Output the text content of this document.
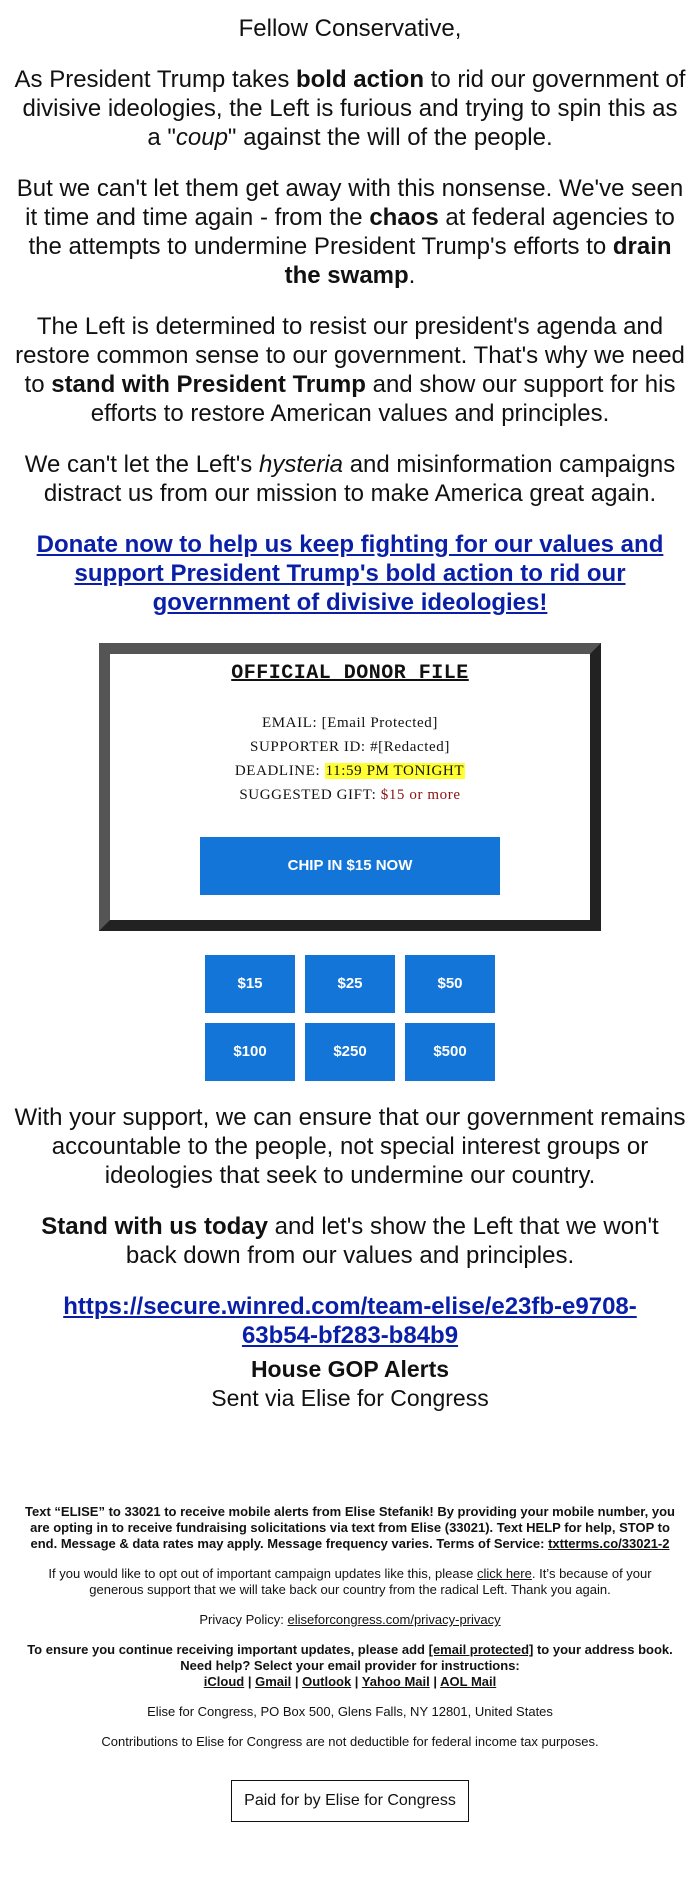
Fellow Conservative,

As President Trump takes bold action to rid our government of divisive ideologies, the Left is furious and trying to spin this as a "coup" against the will of the people.

But we can't let them get away with this nonsense. We've seen it time and time again - from the chaos at federal agencies to the attempts to undermine President Trump's efforts to drain the swamp.

The Left is determined to resist our president's agenda and restore common sense to our government. That's why we need to stand with President Trump and show our support for his efforts to restore American values and principles.

We can't let the Left's hysteria and misinformation campaigns distract us from our mission to make America great again.

Donate now to help us keep fighting for our values and support President Trump's bold action to rid our government of divisive ideologies!
OFFICIAL DONOR FILE
EMAIL: [Email Protected]
SUPPORTER ID: #[Redacted]
DEADLINE: 11:59 PM TONIGHT
SUGGESTED GIFT: $15 or more
CHIP IN $15 NOW
$15	$25	$50
$100	$250	$500

With your support, we can ensure that our government remains accountable to the people, not special interest groups or ideologies that seek to undermine our country.

Stand with us today and let's show the Left that we won't back down from our values and principles.

https://secure.winred.com/team-elise/e23fb-e9708-63b54-bf283-b84b9
House GOP Alerts
Sent via Elise for Congress

Text “ELISE” to 33021 to receive mobile alerts from Elise Stefanik! By providing your mobile number, you are opting in to receive fundraising solicitations via text from Elise (33021). Text HELP for help, STOP to end. Message & data rates may apply. Message frequency varies. Terms of Service: txtterms.co/33021-2

If you would like to opt out of important campaign updates like this, please click here. It’s because of your generous support that we will take back our country from the radical Left. Thank you again.

Privacy Policy: eliseforcongress.com/privacy-privacy

To ensure you continue receiving important updates, please add [email protected] to your address book. Need help? Select your email provider for instructions:
iCloud | Gmail | Outlook | Yahoo Mail | AOL Mail

Elise for Congress, PO Box 500, Glens Falls, NY 12801, United States

Contributions to Elise for Congress are not deductible for federal income tax purposes.

Paid for by Elise for Congress
